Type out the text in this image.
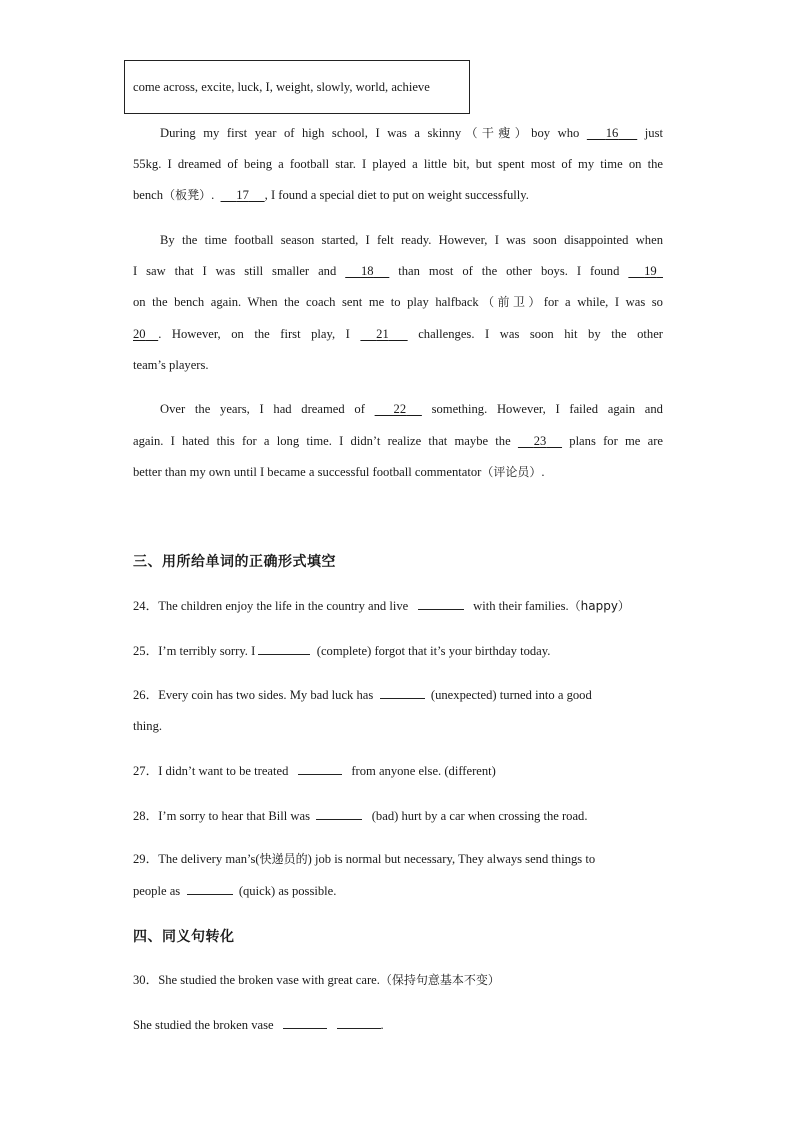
come across, excite, luck, I, weight, slowly, world, achieve
During my first year of high school, I was a skinny（干瘦）boy who 16 just
55kg. I dreamed of being a football star. I played a little bit, but spent most of my time on the
bench（板凳）. 17 , I found a special diet to put on weight successfully.
By the time football season started, I felt ready. However, I was soon disappointed when
I saw that I was still smaller and 18 than most of the other boys. I found 19
on the bench again. When the coach sent me to play halfback（前卫）for a while, I was so
20 . However, on the first play, I 21 challenges. I was soon hit by the other
team’s players.
Over the years, I had dreamed of 22 something. However, I failed again and
again. I hated this for a long time. I didn’t realize that maybe the 23 plans for me are
better than my own until I became a successful football commentator（评论员）.
三、用所给单词的正确形式填空
24．The children enjoy the life in the country and live	with their families.（happy）
25．I’m terribly sorry. I	(complete) forgot that it’s your birthday today.
26．Every coin has two sides. My bad luck has	(unexpected) turned into a good
thing.
27．I didn’t want to be treated	from anyone else. (different)
28．I’m sorry to hear that Bill was	(bad) hurt by a car when crossing the road.
29．The delivery man’s(快递员的) job is normal but necessary, They always send things to
people as	(quick) as possible.
四、同义句转化
30．She studied the broken vase with great care.（保持句意基本不变）
She studied the broken vase	.
